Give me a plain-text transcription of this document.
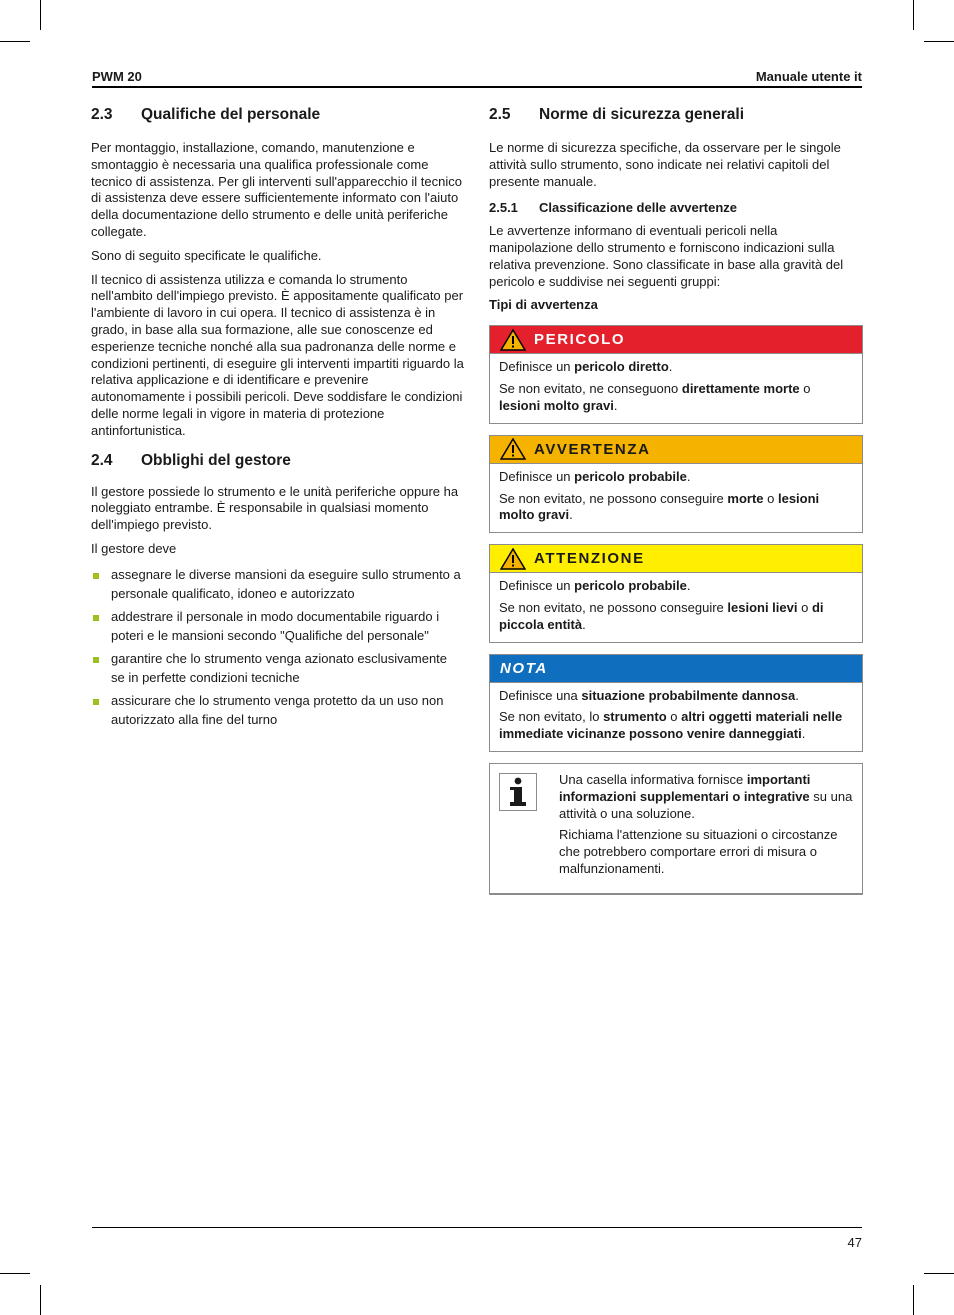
PWM 20	Manuale utente it
2.3	Qualifiche del personale

Per montaggio, installazione, comando, manutenzione e smontaggio è necessaria una qualifica professionale come tecnico di assistenza. Per gli interventi sull'apparecchio il tecnico di assistenza deve essere sufficientemente informato con l'aiuto della documentazione dello strumento e delle unità periferiche collegate.

Sono di seguito specificate le qualifiche.

Il tecnico di assistenza utilizza e comanda lo strumento nell'ambito dell'impiego previsto. È appositamente qualificato per l'ambiente di lavoro in cui opera. Il tecnico di assistenza è in grado, in base alla sua formazione, alle sue conoscenze ed esperienze tecniche nonché alla sua padronanza delle norme e condizioni pertinenti, di eseguire gli interventi impartiti riguardo la relativa applicazione e di identificare e prevenire autonomamente i possibili pericoli. Deve soddisfare le condizioni delle norme legali in vigore in materia di protezione antinfortunistica.

2.4	Obblighi del gestore

Il gestore possiede lo strumento e le unità periferiche oppure ha noleggiato entrambe. È responsabile in qualsiasi momento dell'impiego previsto.

Il gestore deve

assegnare le diverse mansioni da eseguire sullo strumento a personale qualificato, idoneo e autorizzato
addestrare il personale in modo documentabile riguardo i poteri e le mansioni secondo "Qualifiche del personale"
garantire che lo strumento venga azionato esclusivamente se in perfette condizioni tecniche
assicurare che lo strumento venga protetto da un uso non autorizzato alla fine del turno
2.5	Norme di sicurezza generali

Le norme di sicurezza specifiche, da osservare per le singole attività sullo strumento, sono indicate nei relativi capitoli del presente manuale.

2.5.1	Classificazione delle avvertenze

Le avvertenze informano di eventuali pericoli nella manipolazione dello strumento e forniscono indicazioni sulla relativa prevenzione. Sono classificate in base alla gravità del pericolo e suddivise nei seguenti gruppi:

Tipi di avvertenza

PERICOLO

Definisce un pericolo diretto.

Se non evitato, ne conseguono direttamente morte o lesioni molto gravi.

AVVERTENZA

Definisce un pericolo probabile.

Se non evitato, ne possono conseguire morte o lesioni molto gravi.

ATTENZIONE

Definisce un pericolo probabile.

Se non evitato, ne possono conseguire lesioni lievi o di piccola entità.

NOTA

Definisce una situazione probabilmente dannosa.

Se non evitato, lo strumento o altri oggetti materiali nelle immediate vicinanze possono venire danneggiati.

Una casella informativa fornisce importanti informazioni supplementari o integrative su una attività o una soluzione.

Richiama l'attenzione su situazioni o circostanze che potrebbero comportare errori di misura o malfunzionamenti.

47
